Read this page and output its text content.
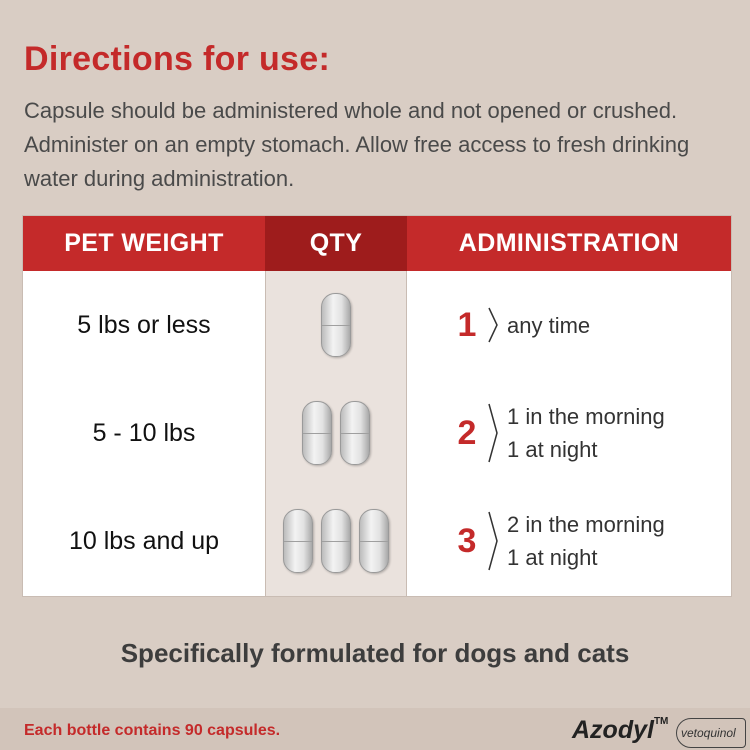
Directions for use:
Capsule should be administered whole and not opened or crushed. Administer on an empty stomach. Allow free access to fresh drinking water during administration.
PET WEIGHT	QTY	ADMINISTRATION
5 lbs or less	1 any time
5 - 10 lbs	2 1 in the morning
1 at night
10 lbs and up	3 2 in the morning
1 at night
Specifically formulated for dogs and cats
Each bottle contains 90 capsules.	Azodyl™
vetoquinol
